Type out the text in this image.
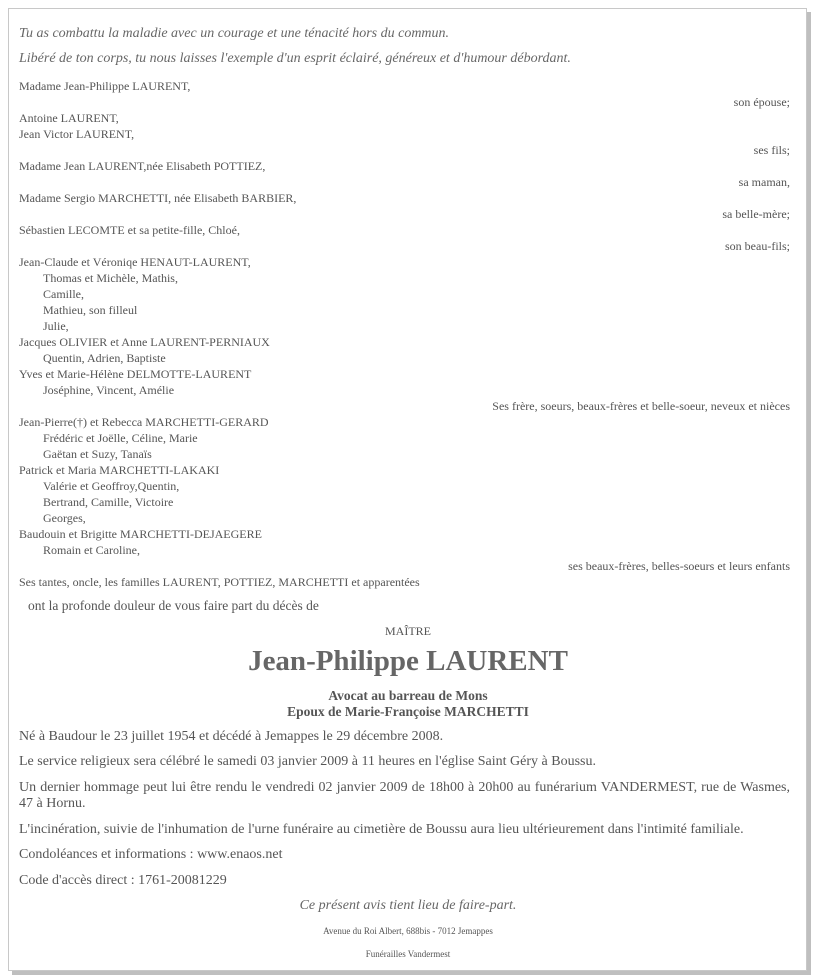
Tu as combattu la maladie avec un courage et une ténacité hors du commun.
Libéré de ton corps, tu nous laisses l'exemple d'un esprit éclairé, généreux et d'humour débordant.
Madame Jean-Philippe LAURENT,
son épouse;
Antoine LAURENT,
Jean Victor LAURENT,
ses fils;
Madame Jean LAURENT,née Elisabeth POTTIEZ,
sa maman,
Madame Sergio MARCHETTI, née Elisabeth BARBIER,
sa belle-mère;
Sébastien LECOMTE et sa petite-fille, Chloé,
son beau-fils;
Jean-Claude et Véroniqe HENAUT-LAURENT,
Thomas et Michèle, Mathis,
Camille,
Mathieu, son filleul
Julie,
Jacques OLIVIER et Anne LAURENT-PERNIAUX
Quentin, Adrien, Baptiste
Yves et Marie-Hélène DELMOTTE-LAURENT
Joséphine, Vincent, Amélie
Ses frère, soeurs, beaux-frères et belle-soeur, neveux et nièces
Jean-Pierre(†) et Rebecca MARCHETTI-GERARD
Frédéric et Joëlle, Céline, Marie
Gaëtan et Suzy, Tanaïs
Patrick et Maria MARCHETTI-LAKAKI
Valérie et Geoffroy,Quentin,
Bertrand, Camille, Victoire
Georges,
Baudouin et Brigitte MARCHETTI-DEJAEGERE
Romain et Caroline,
ses beaux-frères, belles-soeurs et leurs enfants
Ses tantes, oncle, les familles LAURENT, POTTIEZ, MARCHETTI et apparentées
ont la profonde douleur de vous faire part du décès de
MAÎTRE
Jean-Philippe LAURENT
Avocat au barreau de Mons
Epoux de Marie-Françoise MARCHETTI
Né à Baudour le 23 juillet 1954 et décédé à Jemappes le 29 décembre 2008.
Le service religieux sera célébré le samedi 03 janvier 2009 à 11 heures en l'église Saint Géry à Boussu.
Un dernier hommage peut lui être rendu le vendredi 02 janvier 2009 de 18h00 à 20h00 au funérarium VANDERMEST, rue de Wasmes, 47 à Hornu.
L'incinération, suivie de l'inhumation de l'urne funéraire au cimetière de Boussu aura lieu ultérieurement dans l'intimité familiale.
Condoléances et informations : www.enaos.net
Code d'accès direct : 1761-20081229
Ce présent avis tient lieu de faire-part.
Avenue du Roi Albert, 688bis - 7012 Jemappes
Funérailles Vandermest
